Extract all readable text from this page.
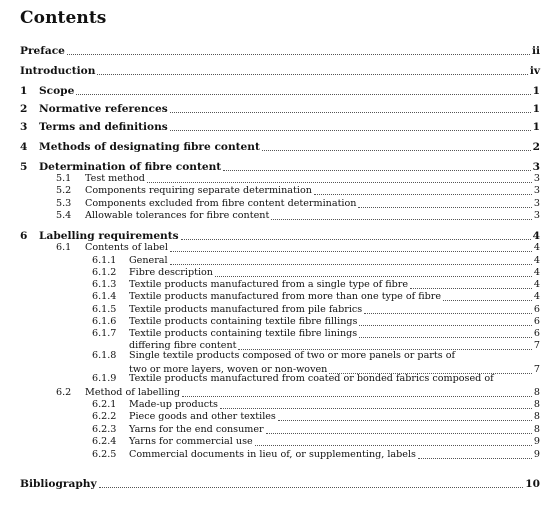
Contents
Preface	ii
Introduction	iv
1 Scope	1
2 Normative references	1
3 Terms and definitions	1
4 Methods of designating fibre content	2
5 Determination of fibre content	3
5.1 Test method	3
5.2 Components requiring separate determination	3
5.3 Components excluded from fibre content determination	3
5.4 Allowable tolerances for fibre content	3
6 Labelling requirements	4
6.1 Contents of label	4
6.1.1 General	4
6.1.2 Fibre description	4
6.1.3 Textile products manufactured from a single type of fibre	4
6.1.4 Textile products manufactured from more than one type of fibre	4
6.1.5 Textile products manufactured from pile fabrics	6
6.1.6 Textile products containing textile fibre fillings	6
6.1.7 Textile products containing textile fibre linings	6
6.1.8 Single textile products composed of two or more panels or parts of
differing fibre content	7
6.1.9 Textile products manufactured from coated or bonded fabrics composed of
two or more layers, woven or non-woven	7
6.2 Method of labelling	8
6.2.1 Made-up products	8
6.2.2 Piece goods and other textiles	8
6.2.3 Yarns for the end consumer	8
6.2.4 Yarns for commercial use	9
6.2.5 Commercial documents in lieu of, or supplementing, labels	9
Bibliography	10
